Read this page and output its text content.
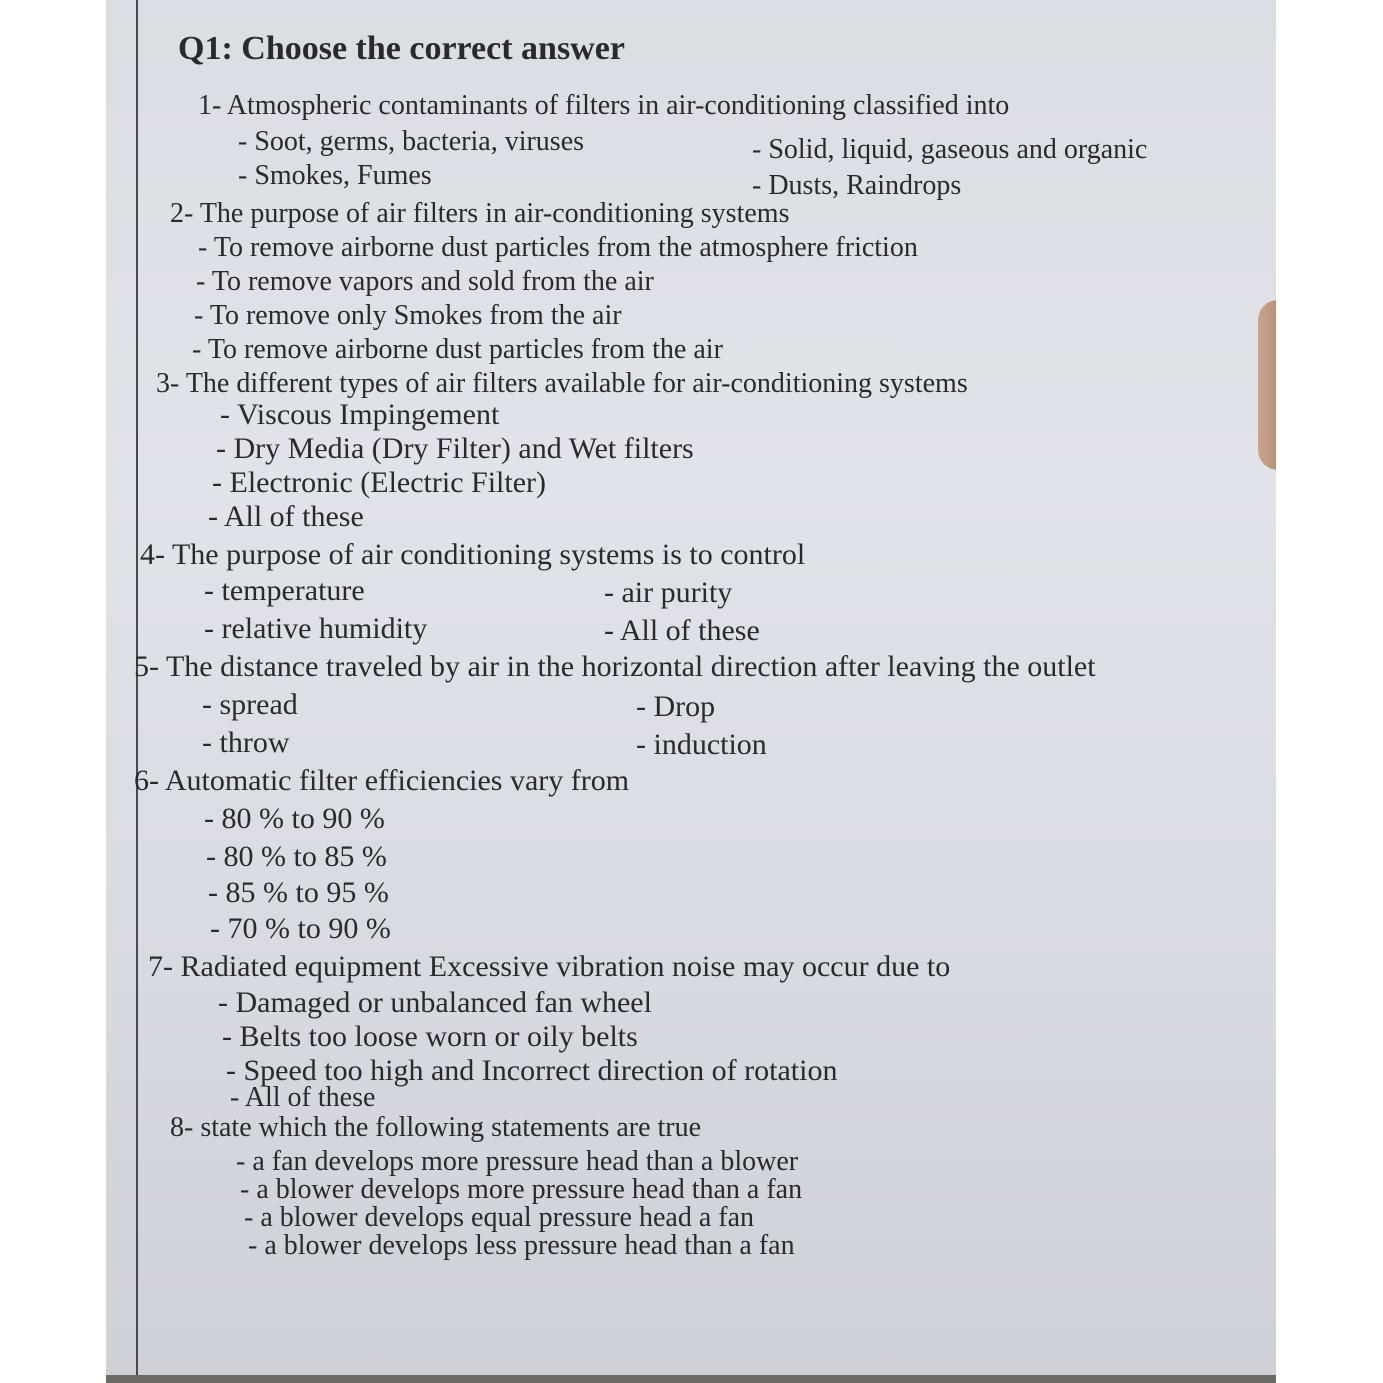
Q1: Choose the correct answer

1- Atmospheric contaminants of filters in air-conditioning classified into

- Soot, germs, bacteria, viruses	- Solid, liquid, gaseous and organic

- Smokes, Fumes	- Dusts, Raindrops

2- The purpose of air filters in air-conditioning systems

- To remove airborne dust particles from the atmosphere friction

- To remove vapors and sold from the air

- To remove only Smokes from the air

- To remove airborne dust particles from the air

3- The different types of air filters available for air-conditioning systems

- Viscous Impingement

- Dry Media (Dry Filter) and Wet filters

- Electronic (Electric Filter)

- All of these

4- The purpose of air conditioning systems is to control

- temperature	- air purity

- relative humidity	- All of these

5- The distance traveled by air in the horizontal direction after leaving the outlet

- spread	- Drop

- throw	- induction

6- Automatic filter efficiencies vary from

- 80 % to 90 %

- 80 % to 85 %

- 85 % to 95 %

- 70 % to 90 %

7- Radiated equipment Excessive vibration noise may occur due to

- Damaged or unbalanced fan wheel

- Belts too loose worn or oily belts

- Speed too high and Incorrect direction of rotation

- All of these

8- state which the following statements are true

- a fan develops more pressure head than a blower

- a blower develops more pressure head than a fan

- a blower develops equal pressure head a fan

- a blower develops less pressure head than a fan
